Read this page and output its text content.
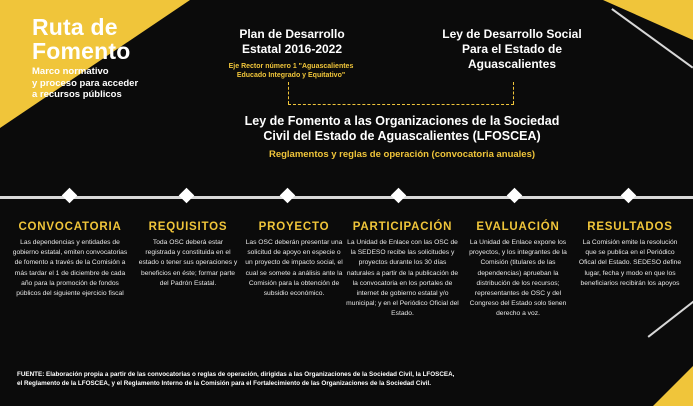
Ruta de
Fomento
Marco normativo
y proceso para acceder
a recursos públicos
Plan de Desarrollo
Estatal 2016-2022
Eje Rector número 1 "Aguascalientes
Educado Integrado y Equitativo"
Ley de Desarrollo Social
Para el Estado de
Aguascalientes
Ley de Fomento a las Organizaciones de la Sociedad
Civil del Estado de Aguascalientes (LFOSCEA)
Reglamentos y reglas de operación (convocatoria anuales)
CONVOCATORIA
Las dependencias y entidades de gobierno estatal, emiten convocatorias de fomento a través de la Comisión a más tardar el 1 de diciembre de cada año para la promoción de fondos públicos del siguiente ejercicio fiscal
REQUISITOS
Toda OSC deberá estar registrada y constituida en el estado o tener sus operaciones y beneficios en éste; formar parte del Padrón Estatal.
PROYECTO
Las OSC deberán presentar una solicitud de apoyo en especie o un proyecto de impacto social, el cual se somete a análisis ante la Comisión para la obtención de subsidio económico.
PARTICIPACIÓN
La Unidad de Enlace con las OSC de la SEDESO recibe las solicitudes y proyectos durante los 30 días naturales a partir de la publicación de la convocatoria en los portales de internet de gobierno estatal y/o municipal; y en el Periódico Oficial del Estado.
EVALUACIÓN
La Unidad de Enlace expone los proyectos, y los integrantes de la Comisión (titulares de las dependencias) aprueban la distribución de los recursos; representantes de OSC y del Congreso del Estado solo tienen derecho a voz.
RESULTADOS
La Comisión emite la resolución que se publica en el Periódico Ofical del Estado. SEDESO define lugar, fecha y modo en que los beneficiarios recibirán los apoyos
FUENTE: Elaboración propia a partir de las convocatorias o reglas de operación, dirigidas a las Organizaciones de la Sociedad Civil, la LFOSCEA,
el Reglamento de la LFOSCEA, y el Reglamento Interno de la Comisión para el Fortalecimiento de las Organizaciones de la Sociedad Civil.
